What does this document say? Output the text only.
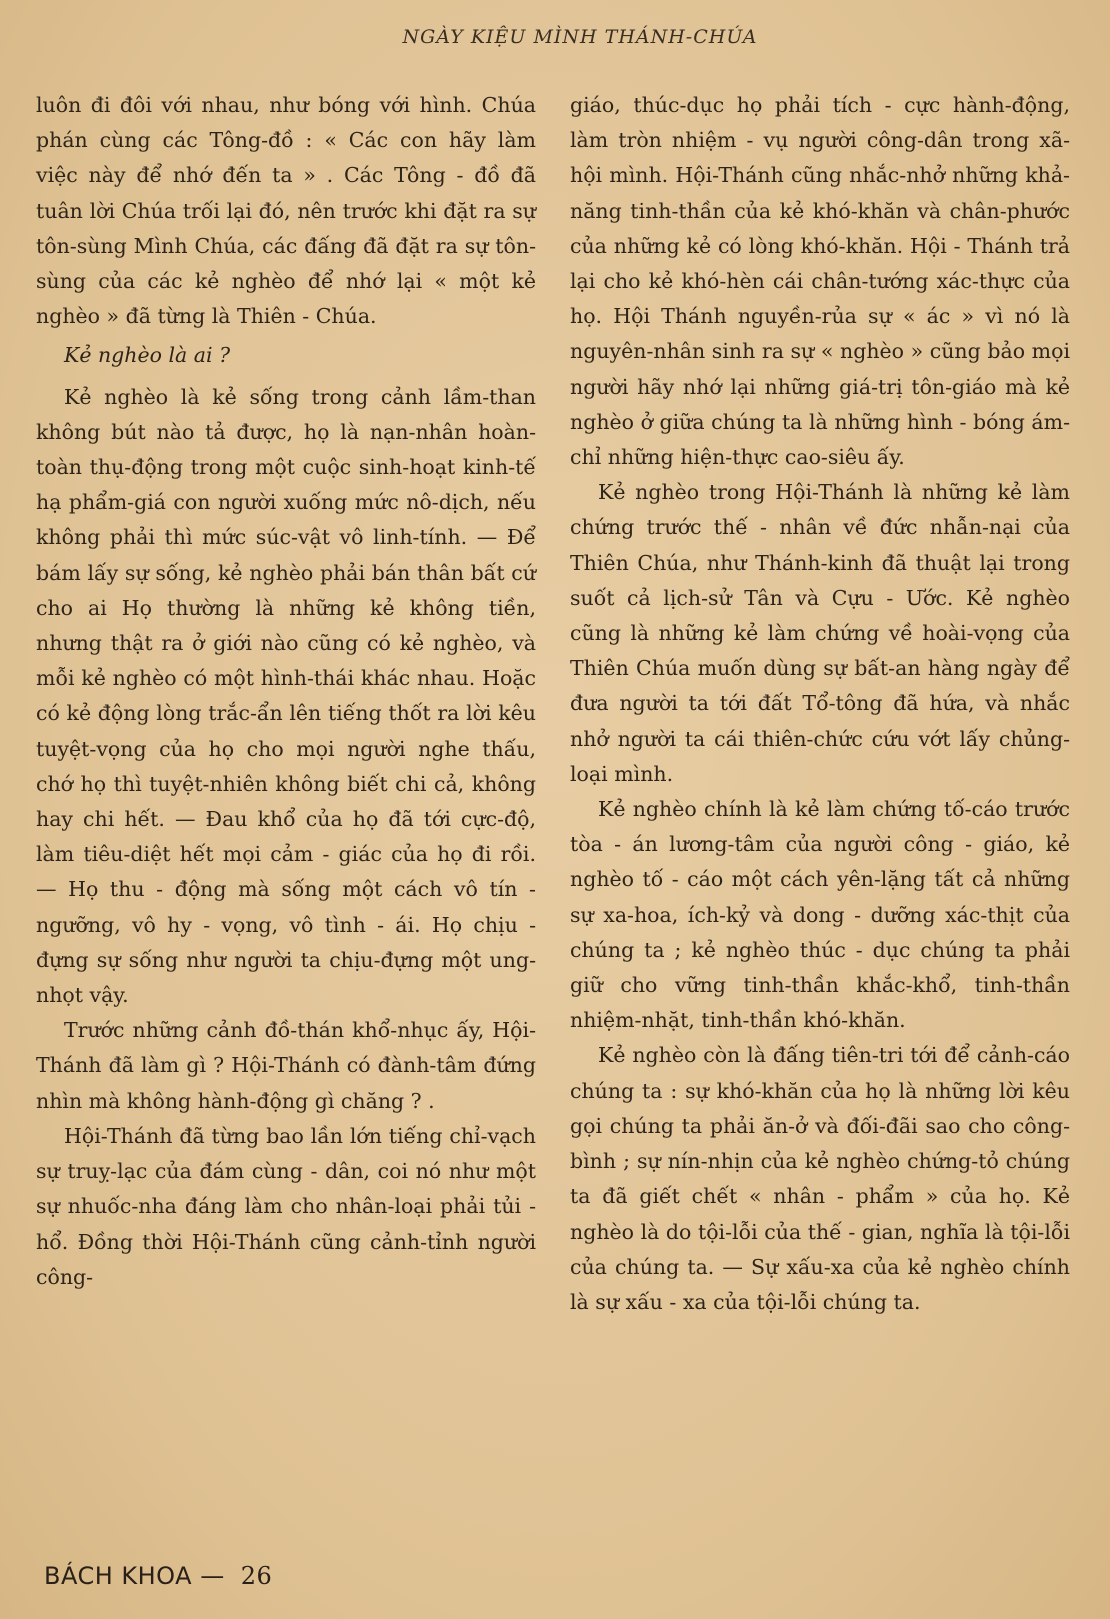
NGÀY KIỆU MÌNH THÁNH-CHÚA

luôn đi đôi với nhau, như bóng với hình. Chúa phán cùng các Tông-đồ : « Các con hãy làm việc này để nhớ đến ta » . Các Tông - đồ đã tuân lời Chúa trối lại đó, nên trước khi đặt ra sự tôn-sùng Mình Chúa, các đấng đã đặt ra sự tôn-sùng của các kẻ nghèo để nhớ lại « một kẻ nghèo » đã từng là Thiên - Chúa.

Kẻ nghèo là ai ?

Kẻ nghèo là kẻ sống trong cảnh lầm-than không bút nào tả được, họ là nạn-nhân hoàn-toàn thụ-động trong một cuộc sinh-hoạt kinh-tế hạ phẩm-giá con người xuống mức nô-dịch, nếu không phải thì mức súc-vật vô linh-tính. — Để bám lấy sự sống, kẻ nghèo phải bán thân bất cứ cho ai Họ thường là những kẻ không tiền, nhưng thật ra ở giới nào cũng có kẻ nghèo, và mỗi kẻ nghèo có một hình-thái khác nhau. Hoặc có kẻ động lòng trắc-ẩn lên tiếng thốt ra lời kêu tuyệt-vọng của họ cho mọi người nghe thấu, chớ họ thì tuyệt-nhiên không biết chi cả, không hay chi hết. — Đau khổ của họ đã tới cực-độ, làm tiêu-diệt hết mọi cảm - giác của họ đi rồi. — Họ thu - động mà sống một cách vô tín - ngưỡng, vô hy - vọng, vô tình - ái. Họ chịu - đựng sự sống như người ta chịu-đựng một ung-nhọt vậy.

Trước những cảnh đồ-thán khổ-nhục ấy, Hội-Thánh đã làm gì ? Hội-Thánh có đành-tâm đứng nhìn mà không hành-động gì chăng ? .

Hội-Thánh đã từng bao lần lớn tiếng chỉ-vạch sự truỵ-lạc của đám cùng - dân, coi nó như một sự nhuốc-nha đáng làm cho nhân-loại phải tủi - hổ. Đồng thời Hội-Thánh cũng cảnh-tỉnh người công-

giáo, thúc-dục họ phải tích - cực hành-động, làm tròn nhiệm - vụ người công-dân trong xã-hội mình. Hội-Thánh cũng nhắc-nhở những khả-năng tinh-thần của kẻ khó-khăn và chân-phước của những kẻ có lòng khó-khăn. Hội - Thánh trả lại cho kẻ khó-hèn cái chân-tướng xác-thực của họ. Hội Thánh nguyền-rủa sự « ác » vì nó là nguyên-nhân sinh ra sự « nghèo » cũng bảo mọi người hãy nhớ lại những giá-trị tôn-giáo mà kẻ nghèo ở giữa chúng ta là những hình - bóng ám-chỉ những hiện-thực cao-siêu ấy.

Kẻ nghèo trong Hội-Thánh là những kẻ làm chứng trước thế - nhân về đức nhẫn-nại của Thiên Chúa, như Thánh-kinh đã thuật lại trong suốt cả lịch-sử Tân và Cựu - Ước. Kẻ nghèo cũng là những kẻ làm chứng về hoài-vọng của Thiên Chúa muốn dùng sự bất-an hàng ngày để đưa người ta tới đất Tổ-tông đã hứa, và nhắc nhở người ta cái thiên-chức cứu vớt lấy chủng-loại mình.

Kẻ nghèo chính là kẻ làm chứng tố-cáo trước tòa - án lương-tâm của người công - giáo, kẻ nghèo tố - cáo một cách yên-lặng tất cả những sự xa-hoa, ích-kỷ và dong - dưỡng xác-thịt của chúng ta ; kẻ nghèo thúc - dục chúng ta phải giữ cho vững tinh-thần khắc-khổ, tinh-thần nhiệm-nhặt, tinh-thần khó-khăn.

Kẻ nghèo còn là đấng tiên-tri tới để cảnh-cáo chúng ta : sự khó-khăn của họ là những lời kêu gọi chúng ta phải ăn-ở và đối-đãi sao cho công-bình ; sự nín-nhịn của kẻ nghèo chứng-tỏ chúng ta đã giết chết « nhân - phẩm » của họ. Kẻ nghèo là do tội-lỗi của thế - gian, nghĩa là tội-lỗi của chúng ta. — Sự xấu-xa của kẻ nghèo chính là sự xấu - xa của tội-lỗi chúng ta.

BÁCH KHOA — 26
